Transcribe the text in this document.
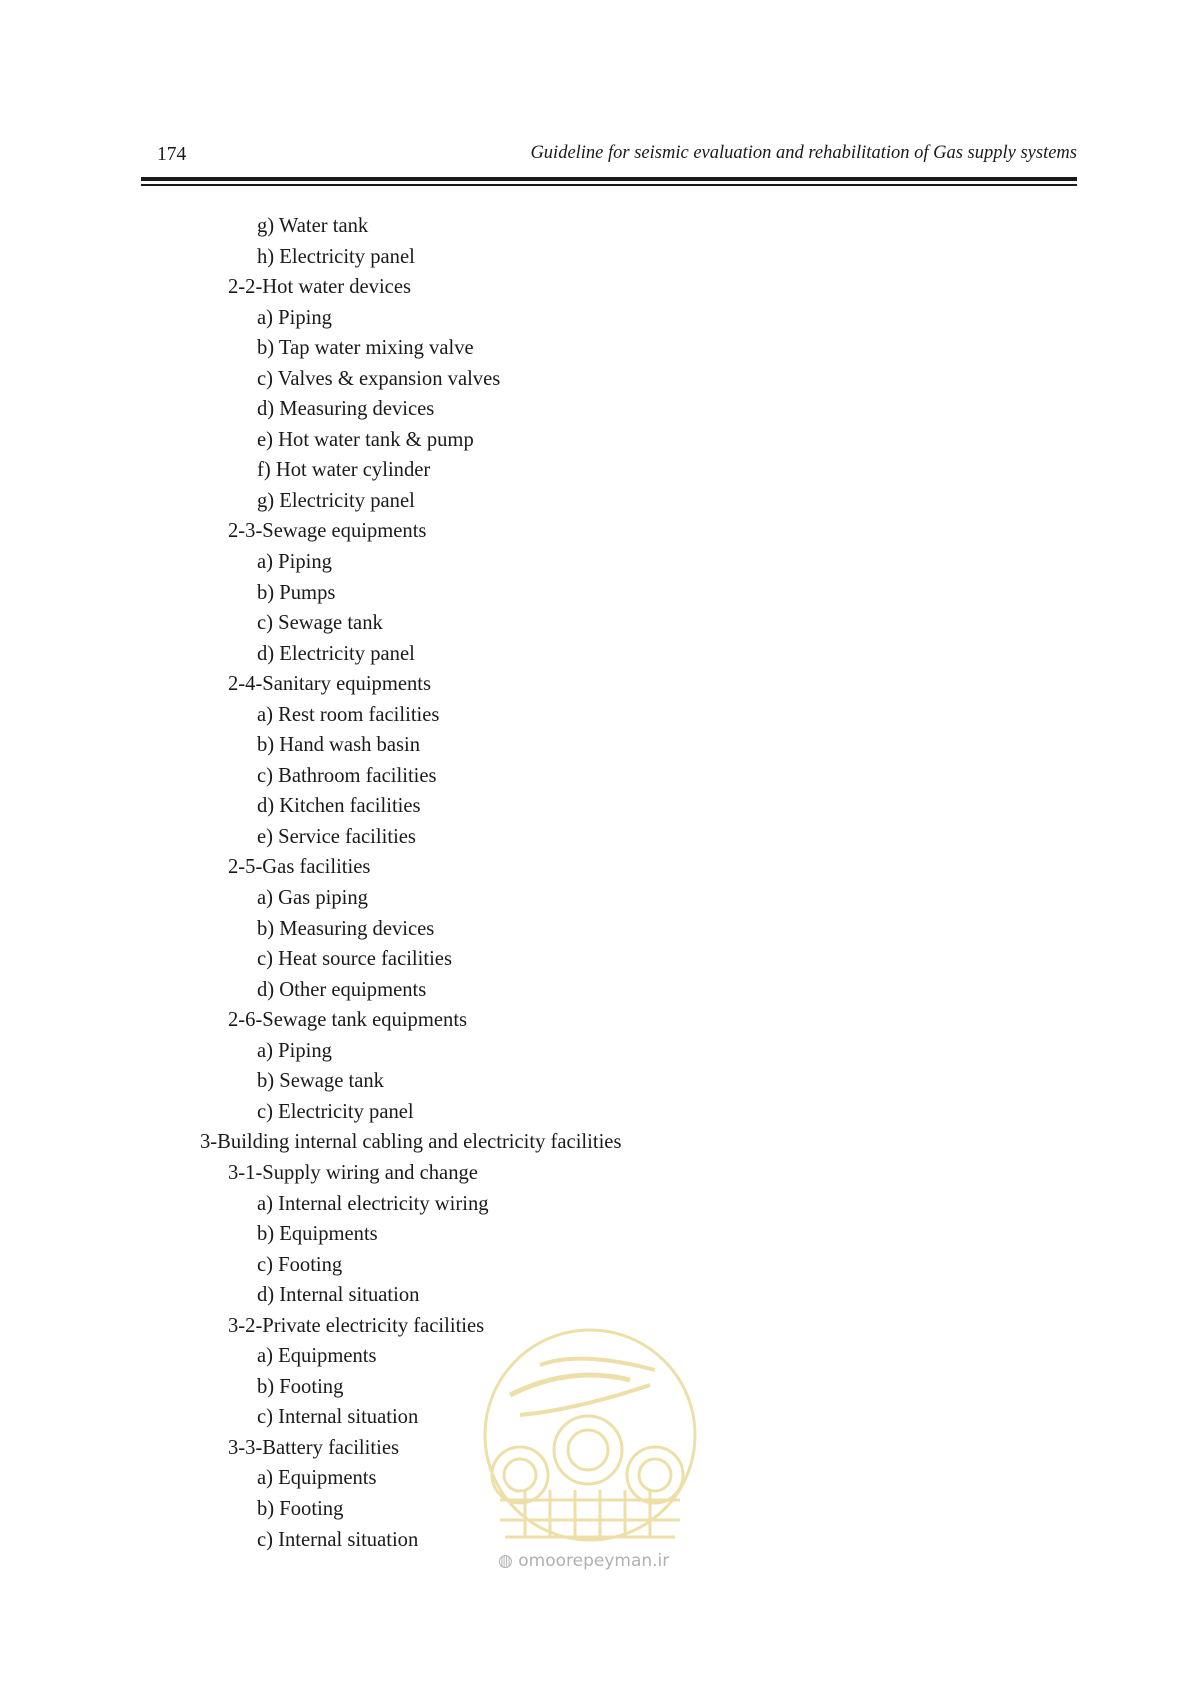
174	Guideline for seismic evaluation and rehabilitation of Gas supply systems
g) Water tank
h) Electricity panel
2-2-Hot water devices
a) Piping
b) Tap water mixing valve
c) Valves & expansion valves
d) Measuring devices
e) Hot water tank & pump
f) Hot water cylinder
g) Electricity panel
2-3-Sewage equipments
a) Piping
b) Pumps
c) Sewage tank
d) Electricity panel
2-4-Sanitary equipments
a) Rest room facilities
b) Hand wash basin
c) Bathroom facilities
d) Kitchen facilities
e) Service facilities
2-5-Gas facilities
a) Gas piping
b) Measuring devices
c) Heat source facilities
d) Other equipments
2-6-Sewage tank equipments
a) Piping
b) Sewage tank
c) Electricity panel
3-Building internal cabling and electricity facilities
3-1-Supply wiring and change
a) Internal electricity wiring
b) Equipments
c) Footing
d) Internal situation
3-2-Private electricity facilities
a) Equipments
b) Footing
c) Internal situation
3-3-Battery facilities
a) Equipments
b) Footing
c) Internal situation
◍ omoorepeyman.ir
